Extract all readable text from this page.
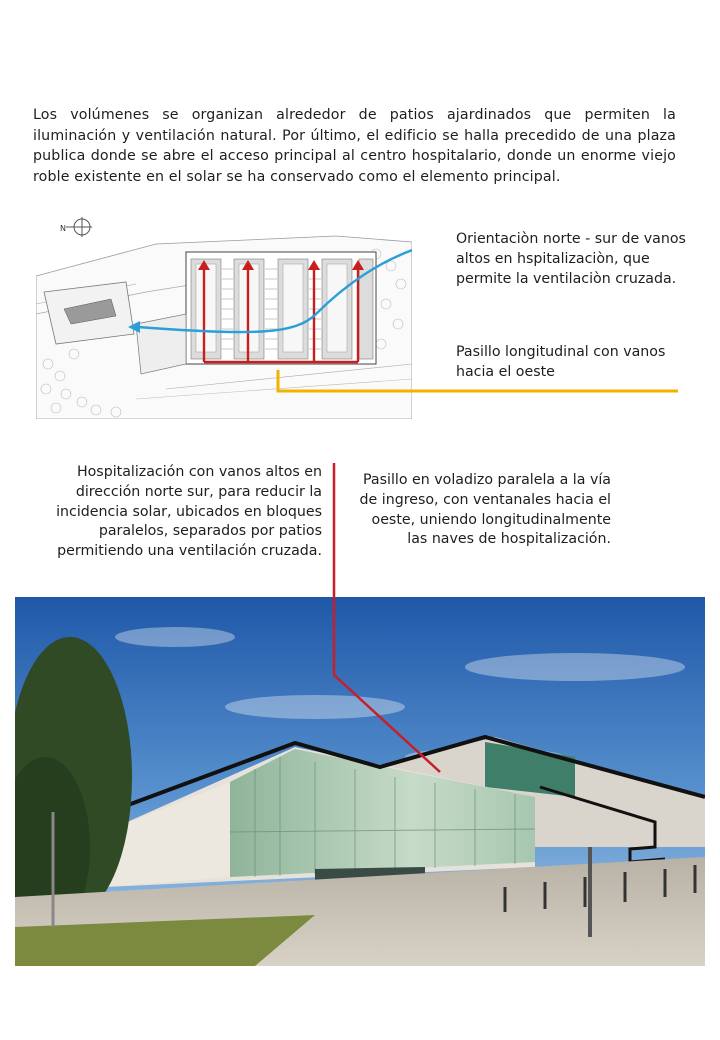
Los volúmenes se organizan alrededor de patios ajardinados que permiten la iluminación y ventilación natural. Por último, el edificio se halla precedido de una plaza publica donde se abre el acceso principal al centro hospitalario, donde un enorme viejo roble existente en el solar se ha conservado como el elemento principal.

N
Orientaciòn norte - sur de vanos altos en hspitalizaciòn, que permite la ventilaciòn cruzada.
Pasillo longitudinal con vanos hacia el oeste
Hospitalización con vanos altos en dirección norte sur, para reducir la incidencia solar, ubicados en bloques paralelos, separados por patios permitiendo una ventilación cruzada.
Pasillo en voladizo paralela a la vía de ingreso, con ventanales hacia el oeste, uniendo longitudinalmente las naves de hospitalización.
